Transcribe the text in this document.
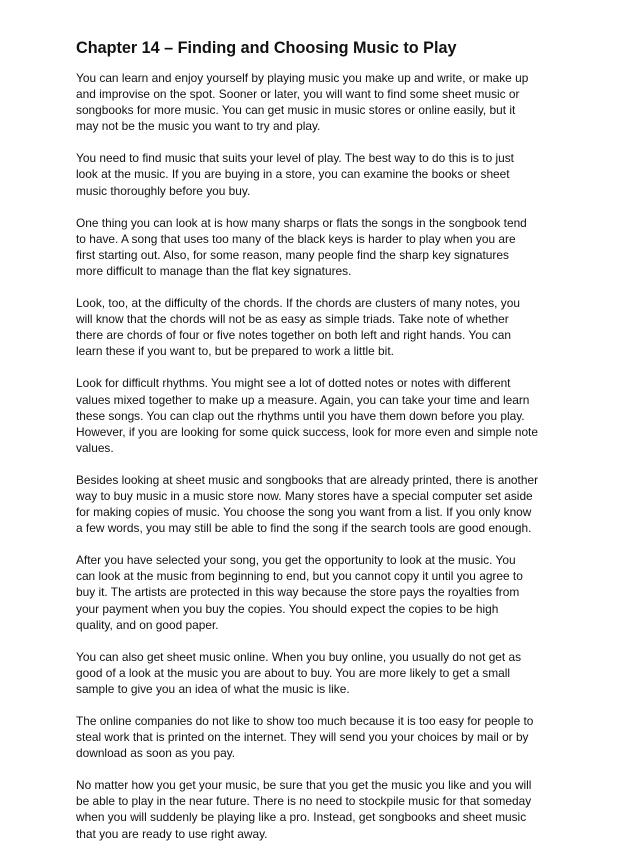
Chapter 14 – Finding and Choosing Music to Play

You can learn and enjoy yourself by playing music you make up and write, or make up
and improvise on the spot. Sooner or later, you will want to find some sheet music or
songbooks for more music. You can get music in music stores or online easily, but it
may not be the music you want to try and play.

You need to find music that suits your level of play. The best way to do this is to just
look at the music. If you are buying in a store, you can examine the books or sheet
music thoroughly before you buy.

One thing you can look at is how many sharps or flats the songs in the songbook tend
to have. A song that uses too many of the black keys is harder to play when you are
first starting out. Also, for some reason, many people find the sharp key signatures
more difficult to manage than the flat key signatures.

Look, too, at the difficulty of the chords. If the chords are clusters of many notes, you
will know that the chords will not be as easy as simple triads. Take note of whether
there are chords of four or five notes together on both left and right hands. You can
learn these if you want to, but be prepared to work a little bit.

Look for difficult rhythms. You might see a lot of dotted notes or notes with different
values mixed together to make up a measure. Again, you can take your time and learn
these songs. You can clap out the rhythms until you have them down before you play.
However, if you are looking for some quick success, look for more even and simple note
values.

Besides looking at sheet music and songbooks that are already printed, there is another
way to buy music in a music store now. Many stores have a special computer set aside
for making copies of music. You choose the song you want from a list. If you only know
a few words, you may still be able to find the song if the search tools are good enough.

After you have selected your song, you get the opportunity to look at the music. You
can look at the music from beginning to end, but you cannot copy it until you agree to
buy it. The artists are protected in this way because the store pays the royalties from
your payment when you buy the copies. You should expect the copies to be high
quality, and on good paper.

You can also get sheet music online. When you buy online, you usually do not get as
good of a look at the music you are about to buy. You are more likely to get a small
sample to give you an idea of what the music is like.

The online companies do not like to show too much because it is too easy for people to
steal work that is printed on the internet. They will send you your choices by mail or by
download as soon as you pay.

No matter how you get your music, be sure that you get the music you like and you will
be able to play in the near future. There is no need to stockpile music for that someday
when you will suddenly be playing like a pro. Instead, get songbooks and sheet music
that you are ready to use right away.
